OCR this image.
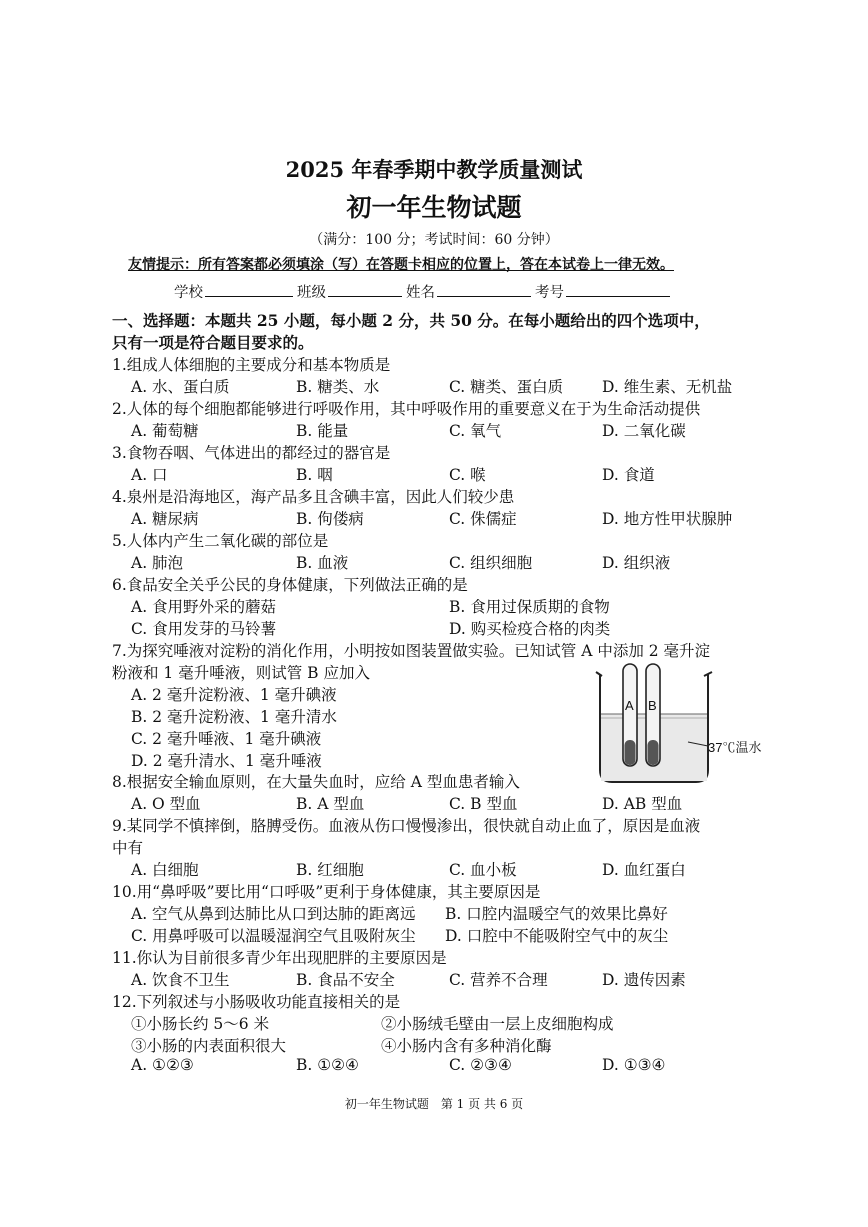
2025 年春季期中教学质量测试
初一年生物试题
（满分：100 分；考试时间：60 分钟）
友情提示：所有答案都必须填涂（写）在答题卡相应的位置上，答在本试卷上一律无效。
学校	班级	姓名	考号
一、选择题：本题共 25 小题，每小题 2 分，共 50 分。在每小题给出的四个选项中，
只有一项是符合题目要求的。
1.组成人体细胞的主要成分和基本物质是
A. 水、蛋白质	B. 糖类、水	C. 糖类、蛋白质	D. 维生素、无机盐
2.人体的每个细胞都能够进行呼吸作用，其中呼吸作用的重要意义在于为生命活动提供
A. 葡萄糖	B. 能量	C. 氧气	D. 二氧化碳
3.食物吞咽、气体进出的都经过的器官是
A. 口	B. 咽	C. 喉	D. 食道
4.泉州是沿海地区，海产品多且含碘丰富，因此人们较少患
A. 糖尿病	B. 佝偻病	C. 侏儒症	D. 地方性甲状腺肿
5.人体内产生二氧化碳的部位是
A. 肺泡	B. 血液	C. 组织细胞	D. 组织液
6.食品安全关乎公民的身体健康，下列做法正确的是
A. 食用野外采的蘑菇	B. 食用过保质期的食物
C. 食用发芽的马铃薯	D. 购买检疫合格的肉类
7.为探究唾液对淀粉的消化作用，小明按如图装置做实验。已知试管 A 中添加 2 毫升淀
粉液和 1 毫升唾液，则试管 B 应加入
A. 2 毫升淀粉液、1 毫升碘液
B. 2 毫升淀粉液、1 毫升清水
C. 2 毫升唾液、1 毫升碘液
D. 2 毫升清水、1 毫升唾液
A B
37℃温水
8.根据安全输血原则，在大量失血时，应给 A 型血患者输入
A. O 型血	B. A 型血	C. B 型血	D. AB 型血
9.某同学不慎摔倒，胳膊受伤。血液从伤口慢慢渗出，很快就自动止血了，原因是血液
中有
A. 白细胞	B. 红细胞	C. 血小板	D. 血红蛋白
10.用“鼻呼吸”要比用“口呼吸”更利于身体健康，其主要原因是
A. 空气从鼻到达肺比从口到达肺的距离远 B. 口腔内温暖空气的效果比鼻好
C. 用鼻呼吸可以温暖湿润空气且吸附灰尘 D. 口腔中不能吸附空气中的灰尘
11.你认为目前很多青少年出现肥胖的主要原因是
A. 饮食不卫生	B. 食品不安全	C. 营养不合理	D. 遗传因素
12.下列叙述与小肠吸收功能直接相关的是
①小肠长约 5～6 米	②小肠绒毛壁由一层上皮细胞构成
③小肠的内表面积很大	④小肠内含有多种消化酶
A. ①②③	B. ①②④	C. ②③④	D. ①③④
初一年生物试题　第 1 页 共 6 页
